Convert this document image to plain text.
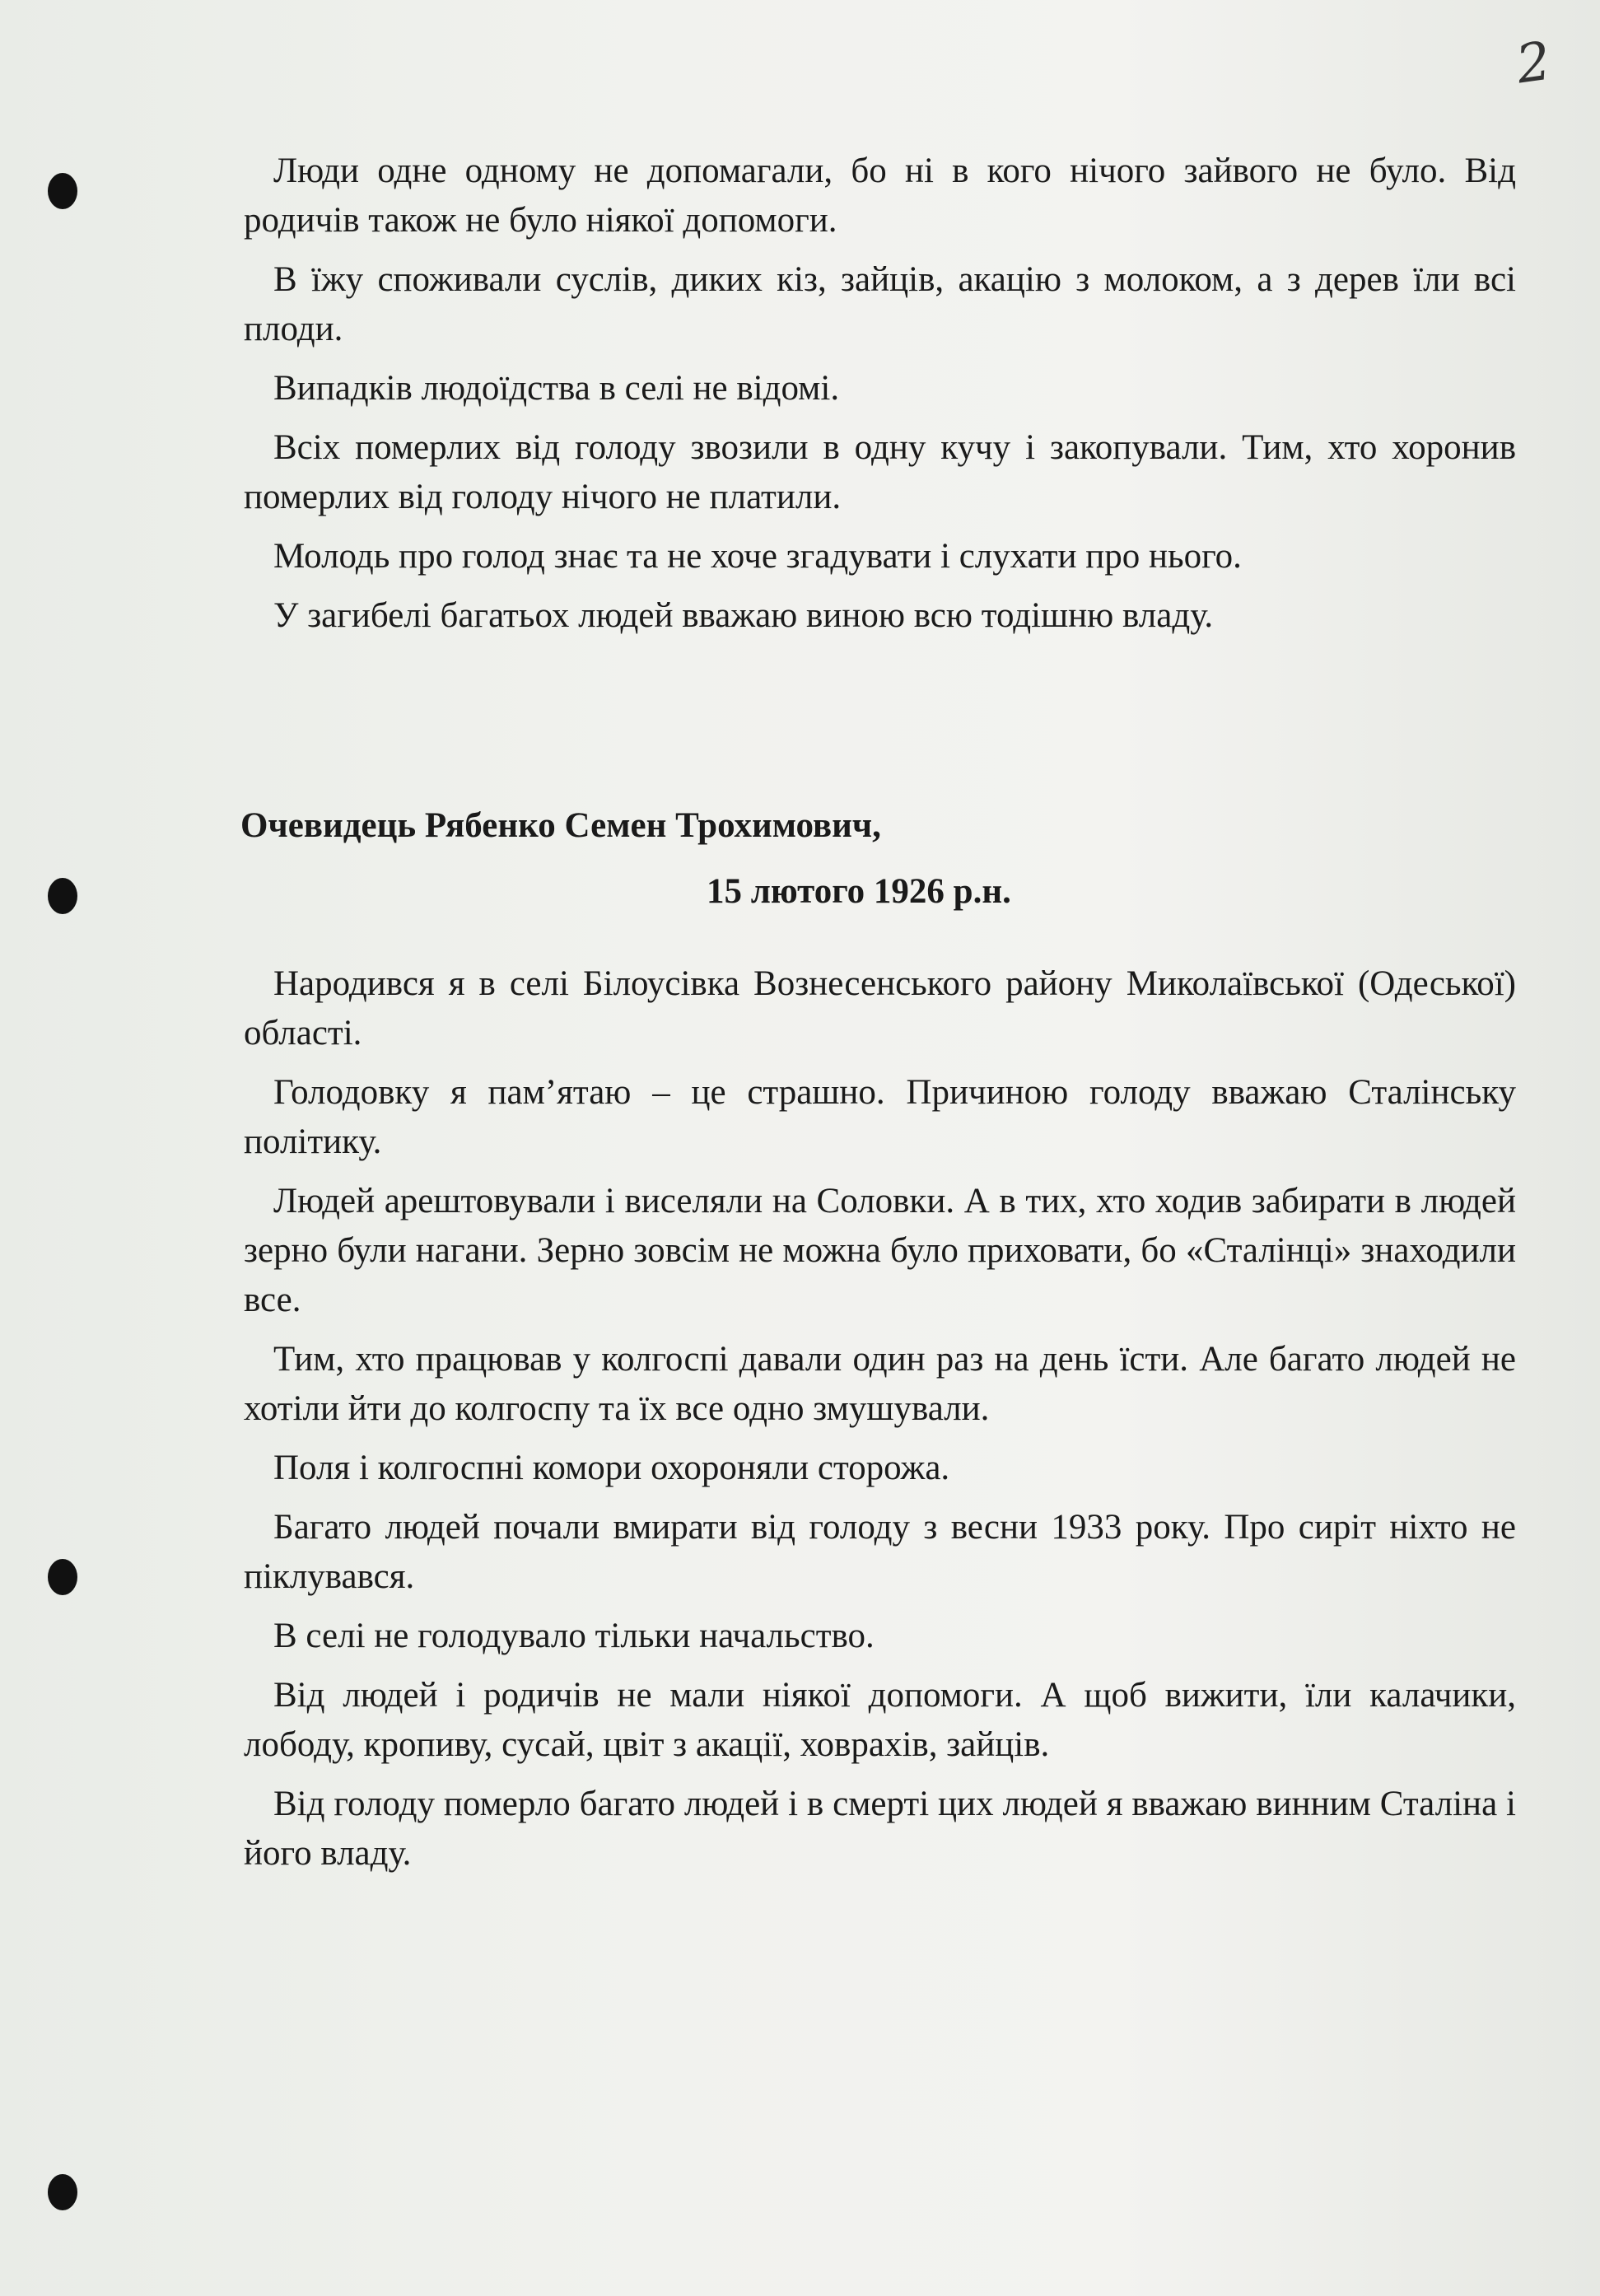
2

Люди одне одному не допомагали, бо ні в кого нічого зайвого не було. Від родичів також не було ніякої допомоги.

В їжу споживали суслів, диких кіз, зайців, акацію з молоком, а з дерев їли всі плоди.

Випадків людоїдства в селі не відомі.

Всіх померлих від голоду звозили в одну кучу і закопували. Тим, хто хоронив померлих від голоду нічого не платили.

Молодь про голод знає та не хоче згадувати і слухати про нього.

У загибелі багатьох людей вважаю виною всю тодішню владу.

Очевидець Рябенко Семен Трохимович,
15 лютого 1926 р.н.

Народився я в селі Білоусівка Вознесенського району Миколаївської (Одеської) області.

Голодовку я пам’ятаю – це страшно. Причиною голоду вважаю Сталінську політику.

Людей арештовували і виселяли на Соловки. А в тих, хто ходив забирати в людей зерно були нагани. Зерно зовсім не можна було приховати, бо «Сталінці» знаходили все.

Тим, хто працював у колгоспі давали один раз на день їсти. Але багато людей не хотіли йти до колгоспу та їх все одно змушували.

Поля і колгоспні комори охороняли сторожа.

Багато людей почали вмирати від голоду з весни 1933 року. Про сиріт ніхто не піклувався.

В селі не голодувало тільки начальство.

Від людей і родичів не мали ніякої допомоги. А щоб вижити, їли калачики, лободу, кропиву, сусай, цвіт з акації, ховрахів, зайців.

Від голоду померло багато людей і в смерті цих людей я вважаю винним Сталіна і його владу.
